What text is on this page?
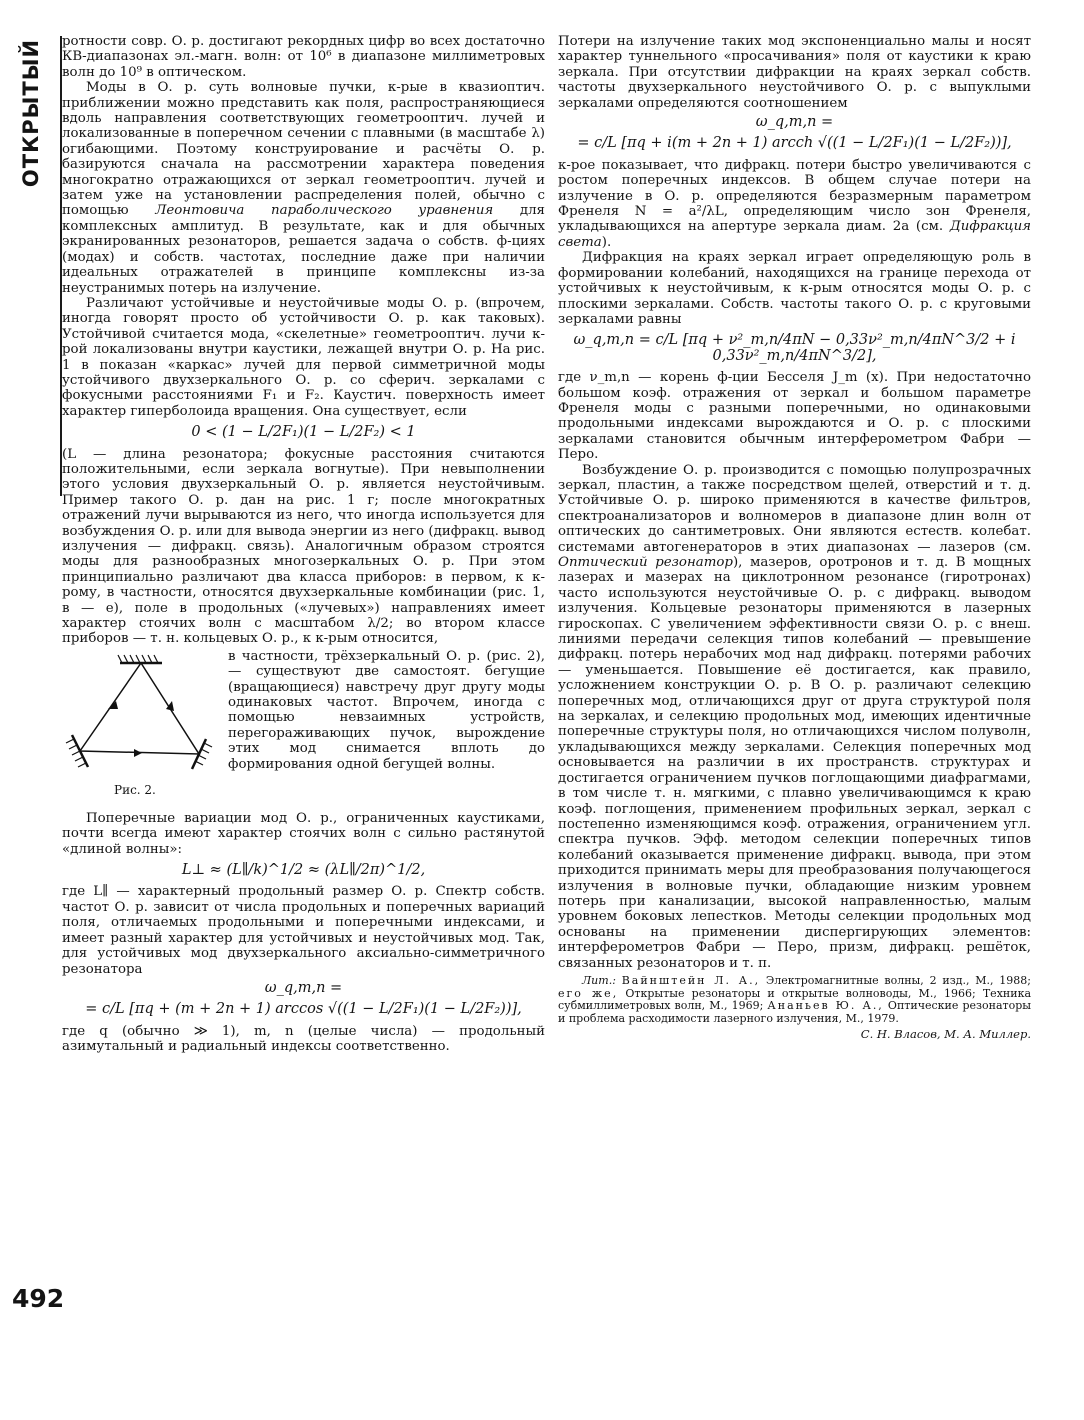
ОТКРЫТЫЙ
492

ротности совр. О. р. достигают рекордных цифр во всех достаточно КВ-диапазонах эл.-магн. волн: от 10⁶ в диапазоне миллиметровых волн до 10⁹ в оптическом.

Моды в О. р. суть волновые пучки, к-рые в квазиоптич. приближении можно представить как поля, распространяющиеся вдоль направления соответствующих геометрооптич. лучей и локализованные в поперечном сечении с плавными (в масштабе λ) огибающими. Поэтому конструирование и расчёты О. р. базируются сначала на рассмотрении характера поведения многократно отражающихся от зеркал геометрооптич. лучей и затем уже на установлении распределения полей, обычно с помощью Леонтовича параболического уравнения для комплексных амплитуд. В результате, как и для обычных экранированных резонаторов, решается задача о собств. ф-циях (модах) и собств. частотах, последние даже при наличии идеальных отражателей в принципе комплексны из-за неустранимых потерь на излучение.

Различают устойчивые и неустойчивые моды О. р. (впрочем, иногда говорят просто об устойчивости О. р. как таковых). Устойчивой считается мода, «скелетные» геометрооптич. лучи к-рой локализованы внутри каустики, лежащей внутри О. р. На рис. 1 в показан «каркас» лучей для первой симметричной моды устойчивого двухзеркального О. р. со сферич. зеркалами с фокусными расстояниями F₁ и F₂. Каустич. поверхность имеет характер гиперболоида вращения. Она существует, если

0 < (1 − L/2F₁)(1 − L/2F₂) < 1

(L — длина резонатора; фокусные расстояния считаются положительными, если зеркала вогнутые). При невыполнении этого условия двухзеркальный О. р. является неустойчивым. Пример такого О. р. дан на рис. 1 г; после многократных отражений лучи вырываются из него, что иногда используется для возбуждения О. р. или для вывода энергии из него (дифракц. вывод излучения — дифракц. связь). Аналогичным образом строятся моды для разнообразных многозеркальных О. р. При этом принципиально различают два класса приборов: в первом, к к-рому, в частности, относятся двухзеркальные комбинации (рис. 1, в — е), поле в продольных («лучевых») направлениях имеет характер стоячих волн с масштабом λ/2; во втором классе приборов — т. н. кольцевых О. р., к к-рым относится,

Рис. 2.

в частности, трёхзеркальный О. р. (рис. 2),— существуют две самостоят. бегущие (вращающиеся) навстречу друг другу моды одинаковых частот. Впрочем, иногда с помощью невзаимных устройств, перегораживающих пучок, вырождение этих мод снимается вплоть до формирования одной бегущей волны.

Поперечные вариации мод О. р., ограниченных каустиками, почти всегда имеют характер стоячих волн с сильно растянутой «длиной волны»:

L⊥ ≈ (L∥/k)^1/2 ≈ (λL∥/2π)^1/2,

где L∥ — характерный продольный размер О. р. Спектр собств. частот О. р. зависит от числа продольных и поперечных вариаций поля, отличаемых продольными и поперечными индексами, и имеет разный характер для устойчивых и неустойчивых мод. Так, для устойчивых мод двухзеркального аксиально-симметричного резонатора

ω_q,m,n =
= c/L [πq + (m + 2n + 1) arccos √((1 − L/2F₁)(1 − L/2F₂))],

где q (обычно ≫ 1), m, n (целые числа) — продольный азимутальный и радиальный индексы соответственно.

Потери на излучение таких мод экспоненциально малы и носят характер туннельного «просачивания» поля от каустики к краю зеркала. При отсутствии дифракции на краях зеркал собств. частоты двухзеркального неустойчивого О. р. с выпуклыми зеркалами определяются соотношением

ω_q,m,n =
= c/L [πq + i(m + 2n + 1) arcch √((1 − L/2F₁)(1 − L/2F₂))],

к-рое показывает, что дифракц. потери быстро увеличиваются с ростом поперечных индексов. В общем случае потери на излучение в О. р. определяются безразмерным параметром Френеля N = a²/λL, определяющим число зон Френеля, укладывающихся на апертуре зеркала диам. 2a (см. Дифракция света).

Дифракция на краях зеркал играет определяющую роль в формировании колебаний, находящихся на границе перехода от устойчивых к неустойчивым, к к-рым относятся моды О. р. с плоскими зеркалами. Собств. частоты такого О. р. с круговыми зеркалами равны

ω_q,m,n = c/L [πq + ν²_m,n/4πN − 0,33ν²_m,n/4πN^3/2 + i 0,33ν²_m,n/4πN^3/2],

где ν_m,n — корень ф-ции Бесселя J_m (x). При недостаточно большом коэф. отражения от зеркал и большом параметре Френеля моды с разными поперечными, но одинаковыми продольными индексами вырождаются и О. р. с плоскими зеркалами становится обычным интерферометром Фабри — Перо.

Возбуждение О. р. производится с помощью полупрозрачных зеркал, пластин, а также посредством щелей, отверстий и т. д. Устойчивые О. р. широко применяются в качестве фильтров, спектроанализаторов и волномеров в диапазоне длин волн от оптических до сантиметровых. Они являются естеств. колебат. системами автогенераторов в этих диапазонах — лазеров (см. Оптический резонатор), мазеров, оротронов и т. д. В мощных лазерах и мазерах на циклотронном резонансе (гиротронах) часто используются неустойчивые О. р. с дифракц. выводом излучения. Кольцевые резонаторы применяются в лазерных гироскопах. С увеличением эффективности связи О. р. с внеш. линиями передачи селекция типов колебаний — превышение дифракц. потерь нерабочих мод над дифракц. потерями рабочих — уменьшается. Повышение её достигается, как правило, усложнением конструкции О. р. В О. р. различают селекцию поперечных мод, отличающихся друг от друга структурой поля на зеркалах, и селекцию продольных мод, имеющих идентичные поперечные структуры поля, но отличающихся числом полуволн, укладывающихся между зеркалами. Селекция поперечных мод основывается на различии в их пространств. структурах и достигается ограничением пучков поглощающими диафрагмами, в том числе т. н. мягкими, с плавно увеличивающимся к краю коэф. поглощения, применением профильных зеркал, зеркал с постепенно изменяющимся коэф. отражения, ограничением угл. спектра пучков. Эфф. методом селекции поперечных типов колебаний оказывается применение дифракц. вывода, при этом приходится принимать меры для преобразования получающегося излучения в волновые пучки, обладающие низким уровнем потерь при канализации, высокой направленностью, малым уровнем боковых лепестков. Методы селекции продольных мод основаны на применении диспергирующих элементов: интерферометров Фабри — Перо, призм, дифракц. решёток, связанных резонаторов и т. п.

Лит.: Вайнштейн Л. А., Электромагнитные волны, 2 изд., М., 1988; его же, Открытые резонаторы и открытые волноводы, М., 1966; Техника субмиллиметровых волн, М., 1969; Ананьев Ю. А., Оптические резонаторы и проблема расходимости лазерного излучения, М., 1979.
С. Н. Власов, М. А. Миллер.
